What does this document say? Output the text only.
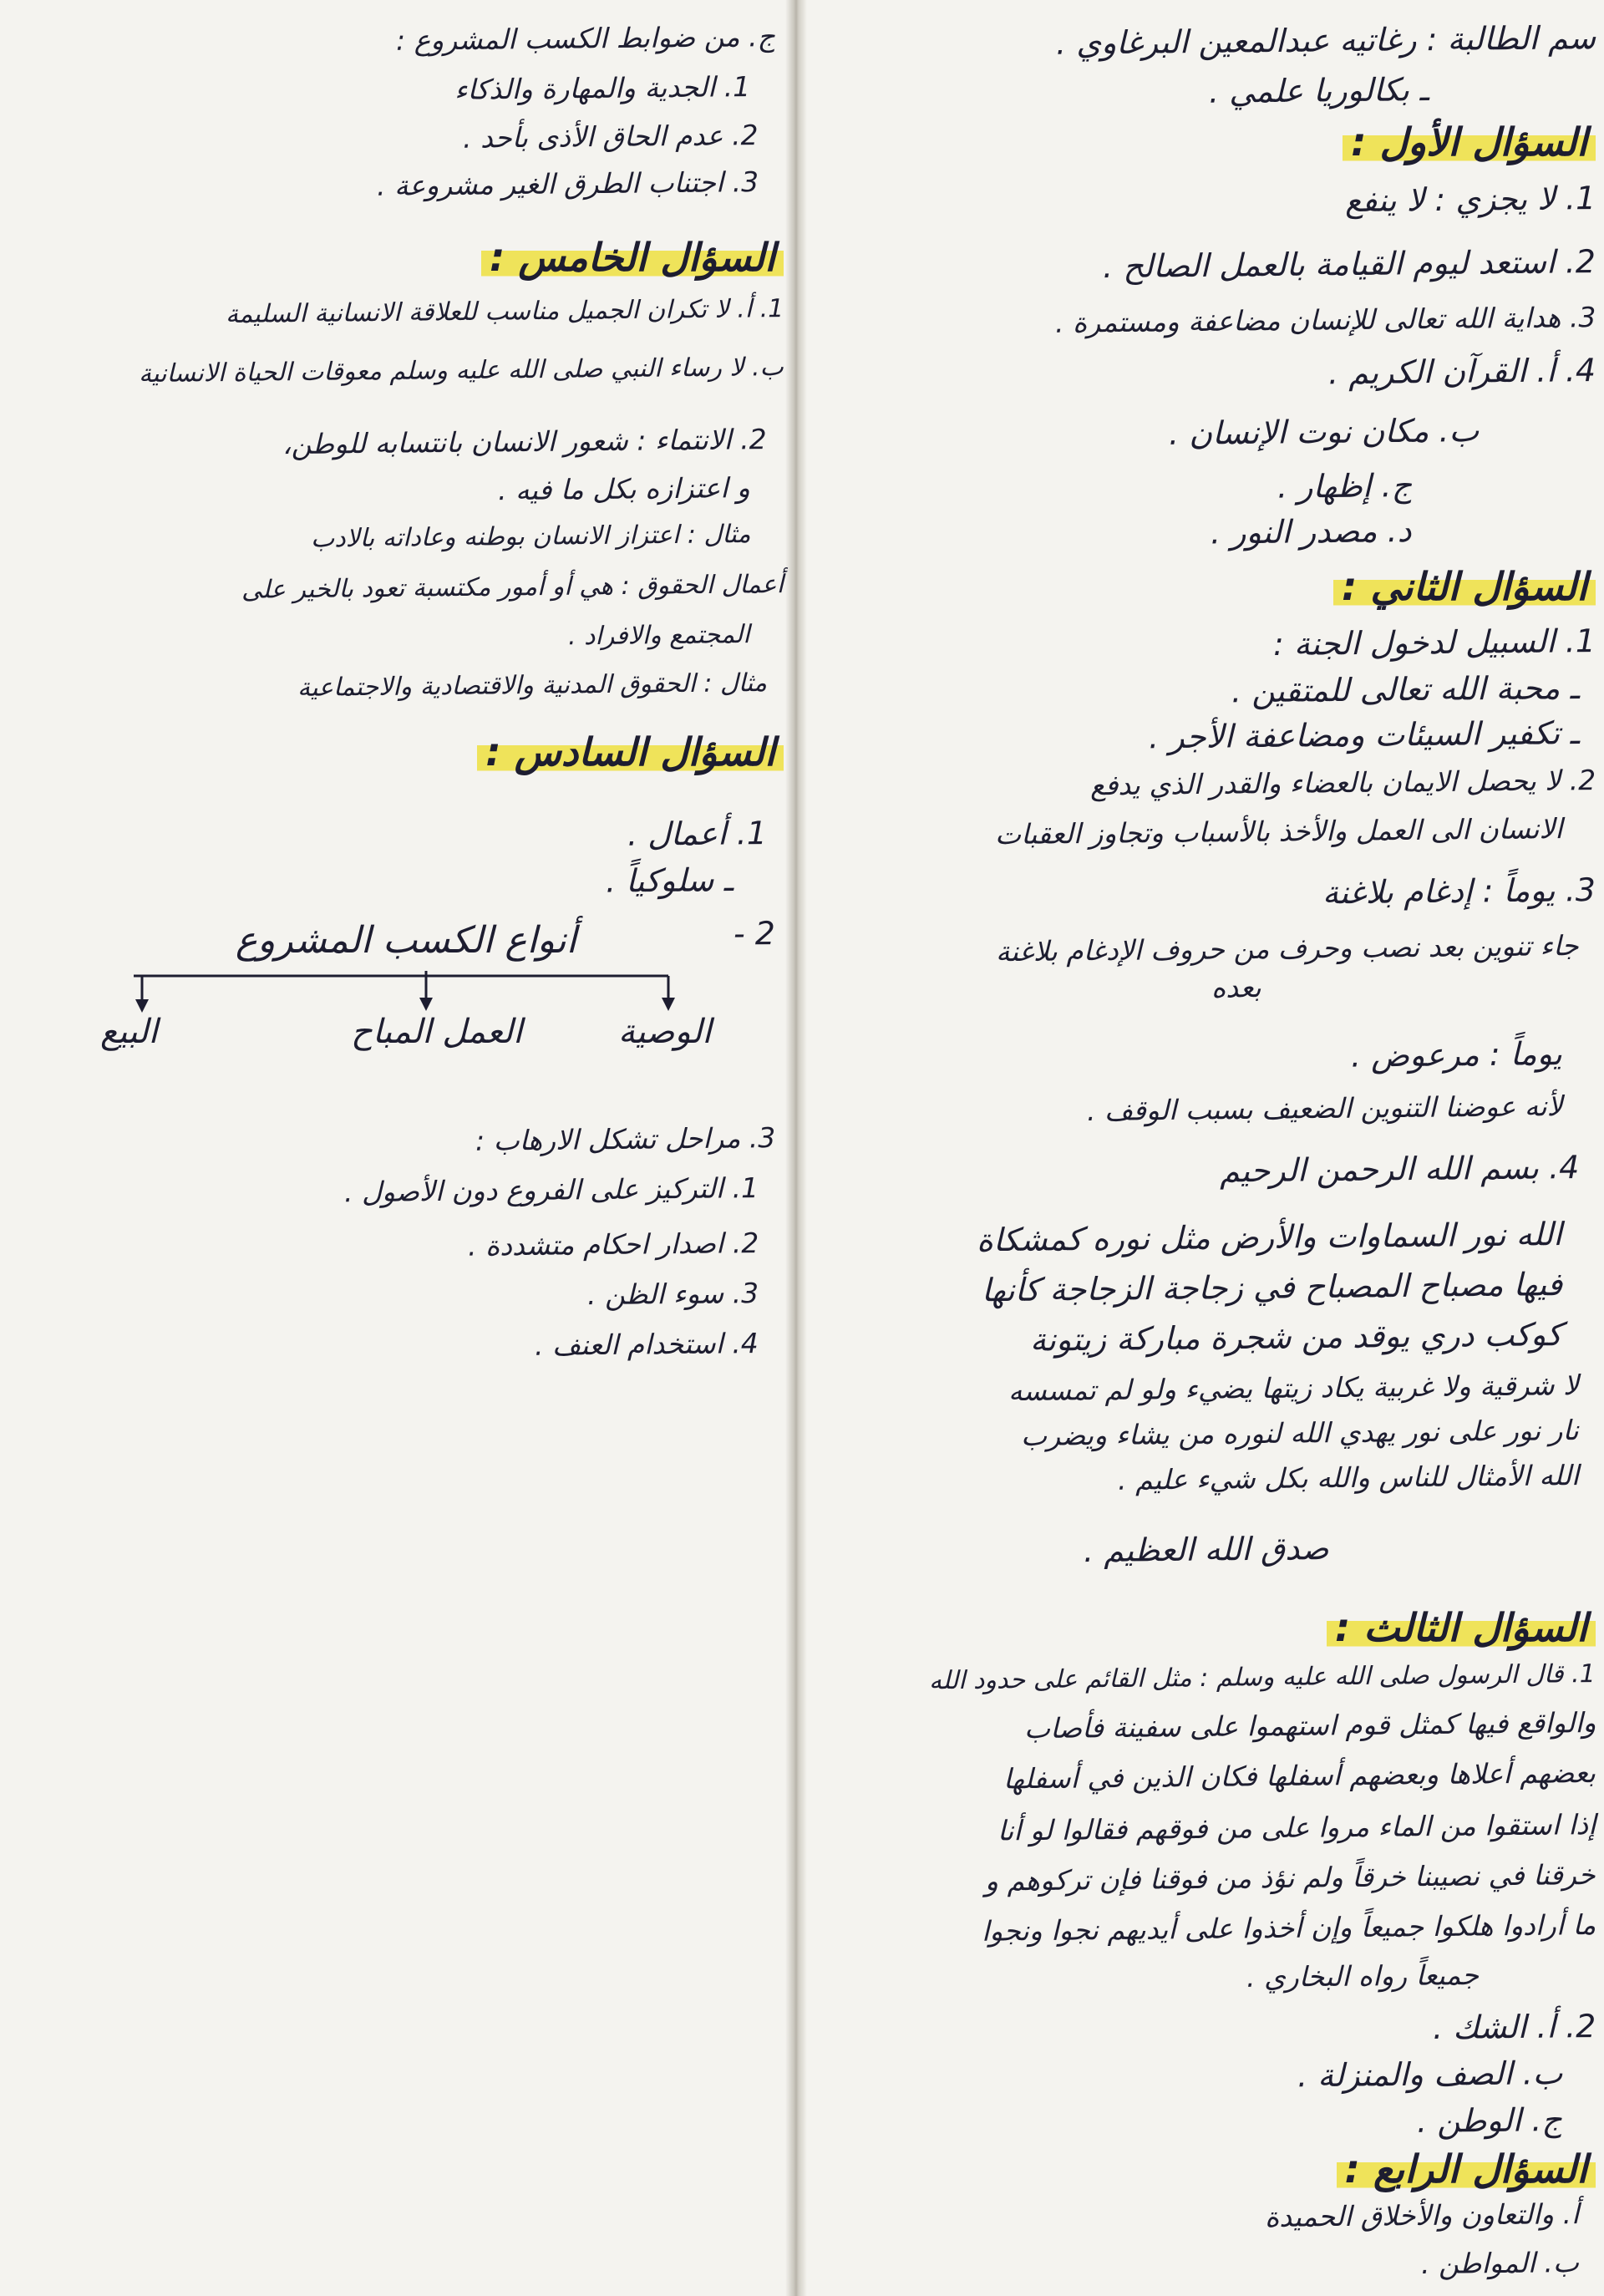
سم الطالبة : رغاتيه عبدالمعين البرغاوي .
ـ بكالوريا علمي .
السؤال الأول :
1. لا يجزي : لا ينفع
2. استعد ليوم القيامة بالعمل الصالح .
3. هداية الله تعالى للإنسان مضاعفة ومستمرة .
4. أ. القرآن الكريم .
ب. مكان نوت الإنسان .
ج. إظهار .
د. مصدر النور .
السؤال الثاني :
1. السبيل لدخول الجنة :
ـ محبة الله تعالى للمتقين .
ـ تكفير السيئات ومضاعفة الأجر .
2. لا يحصل الايمان بالعضاء والقدر الذي يدفع
الانسان الى العمل والأخذ بالأسباب وتجاوز العقبات
3. يوماً : إدغام بلاغنة
جاء تنوين بعد نصب وحرف من حروف الإدغام بلاغنة
بعده
يوماً : مرعوض .
لأنه عوضنا التنوين الضعيف بسبب الوقف .
4. بسم الله الرحمن الرحيم
الله نور السماوات والأرض مثل نوره كمشكاة
فيها مصباح المصباح في زجاجة الزجاجة كأنها
كوكب دري يوقد من شجرة مباركة زيتونة
لا شرقية ولا غربية يكاد زيتها يضيء ولو لم تمسسه
نار نور على نور يهدي الله لنوره من يشاء ويضرب
الله الأمثال للناس والله بكل شيء عليم .
صدق الله العظيم .
السؤال الثالث :
1. قال الرسول صلى الله عليه وسلم : مثل القائم على حدود الله
والواقع فيها كمثل قوم استهموا على سفينة فأصاب
بعضهم أعلاها وبعضهم أسفلها فكان الذين في أسفلها
إذا استقوا من الماء مروا على من فوقهم فقالوا لو أنا
خرقنا في نصيبنا خرقاً ولم نؤذ من فوقنا فإن تركوهم و
ما أرادوا هلكوا جميعاً وإن أخذوا على أيديهم نجوا ونجوا
جميعاً رواه البخاري .
2. أ. الشك .
ب. الصف والمنزلة .
ج. الوطن .
السؤال الرابع :
أ. والتعاون والأخلاق الحميدة
ب. المواطن .
ج. من ضوابط الكسب المشروع :
1. الجدية والمهارة والذكاء
2. عدم الحاق الأذى بأحد .
3. اجتناب الطرق الغير مشروعة .
السؤال الخامس :
1. أ. لا تكران الجميل مناسب للعلاقة الانسانية السليمة
ب. لا رساء النبي صلى الله عليه وسلم معوقات الحياة الانسانية
2. الانتماء : شعور الانسان بانتسابه للوطن،
و اعتزازه بكل ما فيه .
مثال : اعتزاز الانسان بوطنه وعاداته بالادب
أعمال الحقوق : هي أو أمور مكتسبة تعود بالخير على
المجتمع والافراد .
مثال : الحقوق المدنية والاقتصادية والاجتماعية
السؤال السادس :
1. أعمال .
ـ سلوكياً .
2 -
3. مراحل تشكل الارهاب :
1. التركيز على الفروع دون الأصول .
2. اصدار احكام متشددة .
3. سوء الظن .
4. استخدام العنف .
أنواع الكسب المشروع
الوصية
العمل المباح
البيع
